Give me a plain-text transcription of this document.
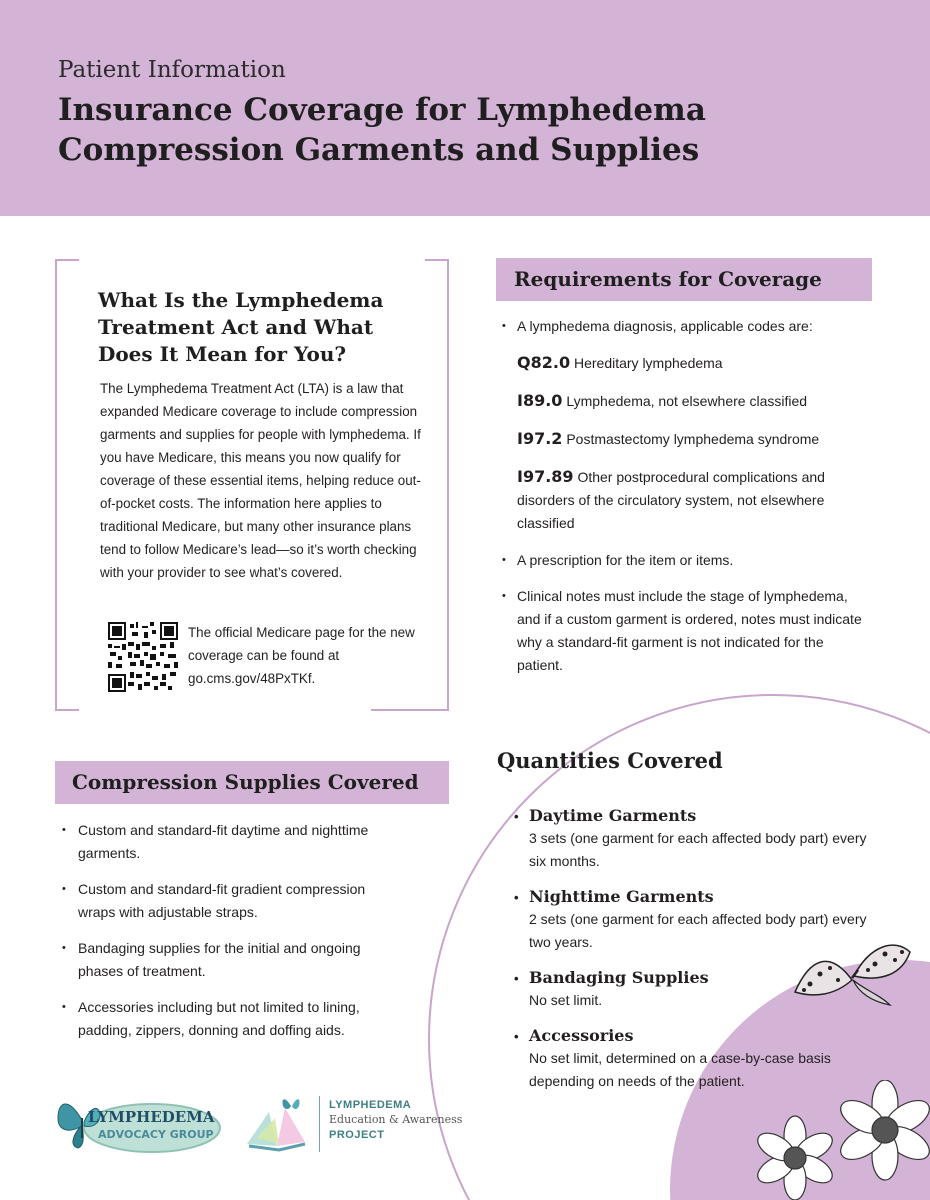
Patient Information
Insurance Coverage for Lymphedema
Compression Garments and Supplies
What Is the Lymphedema
Treatment Act and What
Does It Mean for You?

The Lymphedema Treatment Act (LTA) is a law that expanded Medicare coverage to include compression garments and supplies for people with lymphedema. If you have Medicare, this means you now qualify for coverage of these essential items, helping reduce out-of-pocket costs. The information here applies to traditional Medicare, but many other insurance plans tend to follow Medicare’s lead—so it’s worth checking with your provider to see what’s covered.

The official Medicare page for the new coverage can be found at go.cms.gov/48PxTKf.
Requirements for Coverage
• A lymphedema diagnosis, applicable codes are:
Q82.0 Hereditary lymphedema
I89.0 Lymphedema, not elsewhere classified
I97.2 Postmastectomy lymphedema syndrome
I97.89 Other postprocedural complications and disorders of the circulatory system, not elsewhere classified
• A prescription for the item or items.
• Clinical notes must include the stage of lymphedema, and if a custom garment is ordered, notes must indicate why a standard-fit garment is not indicated for the patient.
Compression Supplies Covered
• Custom and standard-fit daytime and nighttime garments.
• Custom and standard-fit gradient compression wraps with adjustable straps.
• Bandaging supplies for the initial and ongoing phases of treatment.
• Accessories including but not limited to lining, padding, zippers, donning and doffing aids.
Quantities Covered
• Daytime Garments
3 sets (one garment for each affected body part) every six months.
• Nighttime Garments
2 sets (one garment for each affected body part) every two years.
• Bandaging Supplies
No set limit.
• Accessories
No set limit, determined on a case-by-case basis depending on needs of the patient.
LYMPHEDEMA
ADVOCACY GROUP
LYMPHEDEMA
Education & Awareness
PROJECT
